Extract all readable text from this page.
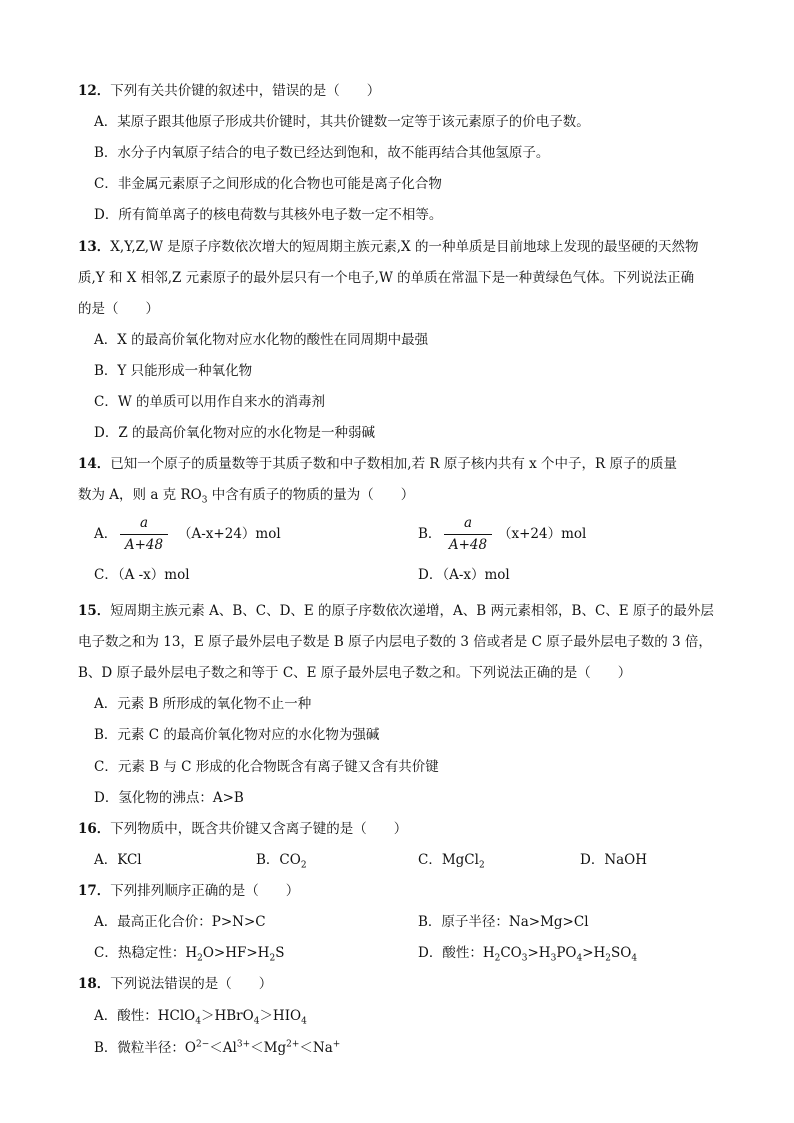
12．下列有关共价键的叙述中，错误的是（　　）
A．某原子跟其他原子形成共价键时，其共价键数一定等于该元素原子的价电子数。
B．水分子内氧原子结合的电子数已经达到饱和，故不能再结合其他氢原子。
C．非金属元素原子之间形成的化合物也可能是离子化合物
D．所有简单离子的核电荷数与其核外电子数一定不相等。
13．X,Y,Z,W 是原子序数依次增大的短周期主族元素,X 的一种单质是目前地球上发现的最坚硬的天然物
质,Y 和 X 相邻,Z 元素原子的最外层只有一个电子,W 的单质在常温下是一种黄绿色气体。下列说法正确
的是（　　）
A．X 的最高价氧化物对应水化物的酸性在同周期中最强
B．Y 只能形成一种氧化物
C．W 的单质可以用作自来水的消毒剂
D．Z 的最高价氧化物对应的水化物是一种弱碱
14．已知一个原子的质量数等于其质子数和中子数相加,若 R 原子核内共有 x 个中子，R 原子的质量
数为 A，则 a 克 $RO_3$ 中含有质子的物质的量为（　　）
A．
a
A+48
（A-x+24）mol	B．
a
A+48
（x+24）mol
C．（A -x）mol	D．（A-x）mol
15．短周期主族元素 A、B、C、D、E 的原子序数依次递增，A、B 两元素相邻，B、C、E 原子的最外层
电子数之和为 13，E 原子最外层电子数是 B 原子内层电子数的 3 倍或者是 C 原子最外层电子数的 3 倍，
B、D 原子最外层电子数之和等于 C、E 原子最外层电子数之和。下列说法正确的是（　　）
A．元素 B 所形成的氧化物不止一种
B．元素 C 的最高价氧化物对应的水化物为强碱
C．元素 B 与 C 形成的化合物既含有离子键又含有共价键
D．氢化物的沸点：A>B
16．下列物质中，既含共价键又含离子键的是（　　）
A．KCl	B．$CO_2$	C．MgCl$_2$	D．NaOH
17．下列排列顺序正确的是（　　）
A．最高正化合价：P>N>C	B．原子半径：Na>Mg>Cl
C．热稳定性：$H_2O>HF>H_2S$	D．酸性：$H_2CO_3>H_3PO_4>H_2SO_4$
18．下列说法错误的是（　　）
A．酸性：$HClO_4>HBrO_4>HIO_4$
B．微粒半径：$O^{2-}<Al^{3+}<Mg^{2+}<Na^+$
